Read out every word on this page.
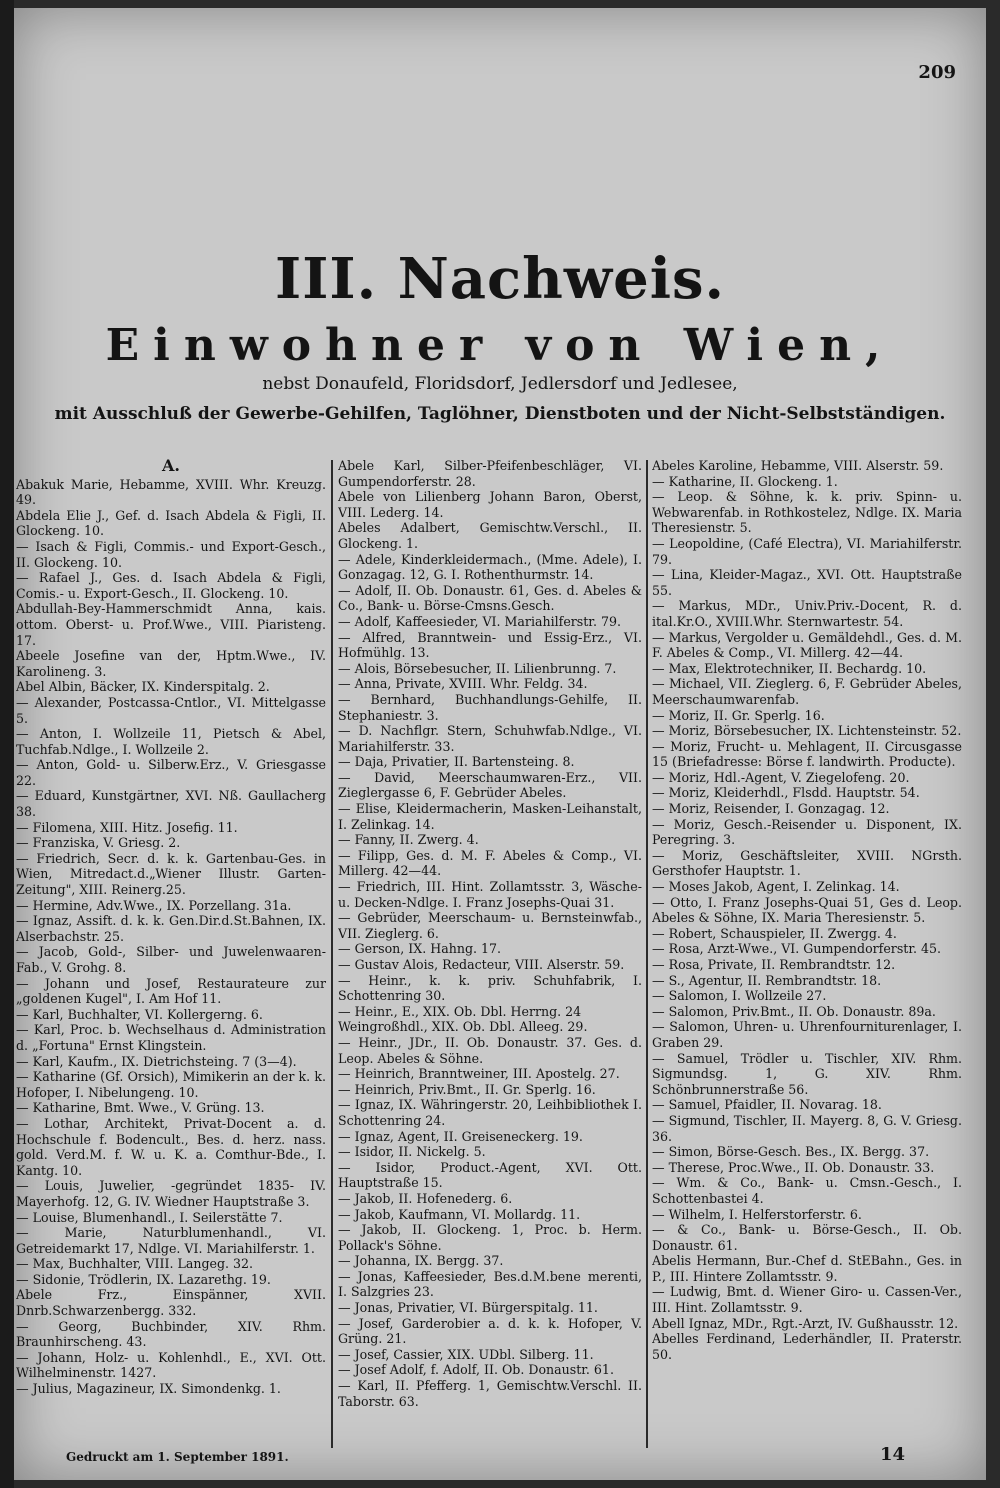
209
III. Nachweis.
Einwohner von Wien,
nebst Donaufeld, Floridsdorf, Jedlersdorf und Jedlesee,
mit Ausschluß der Gewerbe-Gehilfen, Taglöhner, Dienstboten und der Nicht-Selbstständigen.
A.

Abakuk Marie, Hebamme, XVIII. Whr. Kreuzg. 49.

Abdela Elie J., Gef. d. Isach Abdela & Figli, II. Glockeng. 10.

— Isach & Figli, Commis.- und Export-Gesch., II. Glockeng. 10.

— Rafael J., Ges. d. Isach Abdela & Figli, Comis.- u. Export-Gesch., II. Glockeng. 10.

Abdullah-Bey-Hammerschmidt Anna, kais. ottom. Oberst- u. Prof.Wwe., VIII. Piaristeng. 17.

Abeele Josefine van der, Hptm.Wwe., IV. Karolineng. 3.

Abel Albin, Bäcker, IX. Kinderspitalg. 2.

— Alexander, Postcassa-Cntlor., VI. Mittelgasse 5.

— Anton, I. Wollzeile 11, Pietsch & Abel, Tuchfab.Ndlge., I. Wollzeile 2.

— Anton, Gold- u. Silberw.Erz., V. Griesgasse 22.

— Eduard, Kunstgärtner, XVI. Nß. Gaullacherg 38.

— Filomena, XIII. Hitz. Josefig. 11.

— Franziska, V. Griesg. 2.

— Friedrich, Secr. d. k. k. Gartenbau-Ges. in Wien, Mitredact.d.„Wiener Illustr. Garten-Zeitung", XIII. Reinerg.25.

— Hermine, Adv.Wwe., IX. Porzellang. 31a.

— Ignaz, Assift. d. k. k. Gen.Dir.d.St.Bahnen, IX. Alserbachstr. 25.

— Jacob, Gold-, Silber- und Juwelenwaaren-Fab., V. Grohg. 8.

— Johann und Josef, Restaurateure zur „goldenen Kugel", I. Am Hof 11.

— Karl, Buchhalter, VI. Kollergerng. 6.

— Karl, Proc. b. Wechselhaus d. Administration d. „Fortuna" Ernst Klingstein.

— Karl, Kaufm., IX. Dietrichsteing. 7 (3—4).

— Katharine (Gf. Orsich), Mimikerin an der k. k. Hofoper, I. Nibelungeng. 10.

— Katharine, Bmt. Wwe., V. Grüng. 13.

— Lothar, Architekt, Privat-Docent a. d. Hochschule f. Bodencult., Bes. d. herz. nass. gold. Verd.M. f. W. u. K. a. Comthur-Bde., I. Kantg. 10.

— Louis, Juwelier, -gegründet 1835- IV. Mayerhofg. 12, G. IV. Wiedner Hauptstraße 3.

— Louise, Blumenhandl., I. Seilerstätte 7.

— Marie, Naturblumenhandl., VI. Getreidemarkt 17, Ndlge. VI. Mariahilferstr. 1.

— Max, Buchhalter, VIII. Langeg. 32.

— Sidonie, Trödlerin, IX. Lazarethg. 19.

Abele Frz., Einspänner, XVII. Dnrb.Schwarzenbergg. 332.

— Georg, Buchbinder, XIV. Rhm. Braunhirscheng. 43.

— Johann, Holz- u. Kohlenhdl., E., XVI. Ott. Wilhelminenstr. 1427.

— Julius, Magazineur, IX. Simondenkg. 1.

Abele Karl, Silber-Pfeifenbeschläger, VI. Gumpendorferstr. 28.

Abele von Lilienberg Johann Baron, Oberst, VIII. Lederg. 14.

Abeles Adalbert, Gemischtw.Verschl., II. Glockeng. 1.

— Adele, Kinderkleidermach., (Mme. Adele), I. Gonzagag. 12, G. I. Rothenthurmstr. 14.

— Adolf, II. Ob. Donaustr. 61, Ges. d. Abeles & Co., Bank- u. Börse-Cmsns.Gesch.

— Adolf, Kaffeesieder, VI. Mariahilferstr. 79.

— Alfred, Branntwein- und Essig-Erz., VI. Hofmühlg. 13.

— Alois, Börsebesucher, II. Lilienbrunng. 7.

— Anna, Private, XVIII. Whr. Feldg. 34.

— Bernhard, Buchhandlungs-Gehilfe, II. Stephaniestr. 3.

— D. Nachflgr. Stern, Schuhwfab.Ndlge., VI. Mariahilferstr. 33.

— Daja, Privatier, II. Bartensteing. 8.

— David, Meerschaumwaren-Erz., VII. Zieglergasse 6, F. Gebrüder Abeles.

— Elise, Kleidermacherin, Masken-Leihanstalt, I. Zelinkag. 14.

— Fanny, II. Zwerg. 4.

— Filipp, Ges. d. M. F. Abeles & Comp., VI. Millerg. 42—44.

— Friedrich, III. Hint. Zollamtsstr. 3, Wäsche- u. Decken-Ndlge. I. Franz Josephs-Quai 31.

— Gebrüder, Meerschaum- u. Bernsteinwfab., VII. Zieglerg. 6.

— Gerson, IX. Hahng. 17.

— Gustav Alois, Redacteur, VIII. Alserstr. 59.

— Heinr., k. k. priv. Schuhfabrik, I. Schottenring 30.

— Heinr., E., XIX. Ob. Dbl. Herrng. 24

Weingroßhdl., XIX. Ob. Dbl. Alleeg. 29.

— Heinr., JDr., II. Ob. Donaustr. 37. Ges. d. Leop. Abeles & Söhne.

— Heinrich, Branntweiner, III. Apostelg. 27.

— Heinrich, Priv.Bmt., II. Gr. Sperlg. 16.

— Ignaz, IX. Währingerstr. 20, Leihbibliothek I. Schottenring 24.

— Ignaz, Agent, II. Greiseneckerg. 19.

— Isidor, II. Nickelg. 5.

— Isidor, Product.-Agent, XVI. Ott. Hauptstraße 15.

— Jakob, II. Hofenederg. 6.

— Jakob, Kaufmann, VI. Mollardg. 11.

— Jakob, II. Glockeng. 1, Proc. b. Herm. Pollack's Söhne.

— Johanna, IX. Bergg. 37.

— Jonas, Kaffeesieder, Bes.d.M.bene merenti, I. Salzgries 23.

— Jonas, Privatier, VI. Bürgerspitalg. 11.

— Josef, Garderobier a. d. k. k. Hofoper, V. Grüng. 21.

— Josef, Cassier, XIX. UDbl. Silberg. 11.

— Josef Adolf, f. Adolf, II. Ob. Donaustr. 61.

— Karl, II. Pfefferg. 1, Gemischtw.Verschl. II. Taborstr. 63.

Abeles Karoline, Hebamme, VIII. Alserstr. 59.

— Katharine, II. Glockeng. 1.

— Leop. & Söhne, k. k. priv. Spinn- u. Webwarenfab. in Rothkostelez, Ndlge. IX. Maria Theresienstr. 5.

— Leopoldine, (Café Electra), VI. Mariahilferstr. 79.

— Lina, Kleider-Magaz., XVI. Ott. Hauptstraße 55.

— Markus, MDr., Univ.Priv.-Docent, R. d. ital.Kr.O., XVIII.Whr. Sternwartestr. 54.

— Markus, Vergolder u. Gemäldehdl., Ges. d. M. F. Abeles & Comp., VI. Millerg. 42—44.

— Max, Elektrotechniker, II. Bechardg. 10.

— Michael, VII. Zieglerg. 6, F. Gebrüder Abeles, Meerschaumwarenfab.

— Moriz, II. Gr. Sperlg. 16.

— Moriz, Börsebesucher, IX. Lichtensteinstr. 52.

— Moriz, Frucht- u. Mehlagent, II. Circusgasse 15 (Briefadresse: Börse f. landwirth. Producte).

— Moriz, Hdl.-Agent, V. Ziegelofeng. 20.

— Moriz, Kleiderhdl., Flsdd. Hauptstr. 54.

— Moriz, Reisender, I. Gonzagag. 12.

— Moriz, Gesch.-Reisender u. Disponent, IX. Peregring. 3.

— Moriz, Geschäftsleiter, XVIII. NGrsth. Gersthofer Hauptstr. 1.

— Moses Jakob, Agent, I. Zelinkag. 14.

— Otto, I. Franz Josephs-Quai 51, Ges d. Leop. Abeles & Söhne, IX. Maria Theresienstr. 5.

— Robert, Schauspieler, II. Zwergg. 4.

— Rosa, Arzt-Wwe., VI. Gumpendorferstr. 45.

— Rosa, Private, II. Rembrandtstr. 12.

— S., Agentur, II. Rembrandtstr. 18.

— Salomon, I. Wollzeile 27.

— Salomon, Priv.Bmt., II. Ob. Donaustr. 89a.

— Salomon, Uhren- u. Uhrenfourniturenlager, I. Graben 29.

— Samuel, Trödler u. Tischler, XIV. Rhm. Sigmundsg. 1, G. XIV. Rhm. Schönbrunnerstraße 56.

— Samuel, Pfaidler, II. Novarag. 18.

— Sigmund, Tischler, II. Mayerg. 8, G. V. Griesg. 36.

— Simon, Börse-Gesch. Bes., IX. Bergg. 37.

— Therese, Proc.Wwe., II. Ob. Donaustr. 33.

— Wm. & Co., Bank- u. Cmsn.-Gesch., I. Schottenbastei 4.

— Wilhelm, I. Helferstorferstr. 6.

— & Co., Bank- u. Börse-Gesch., II. Ob. Donaustr. 61.

Abelis Hermann, Bur.-Chef d. StEBahn., Ges. in P., III. Hintere Zollamtsstr. 9.

— Ludwig, Bmt. d. Wiener Giro- u. Cassen-Ver., III. Hint. Zollamtsstr. 9.

Abell Ignaz, MDr., Rgt.-Arzt, IV. Gußhausstr. 12.

Abelles Ferdinand, Lederhändler, II. Praterstr. 50.

Gedruckt am 1. September 1891.	14
